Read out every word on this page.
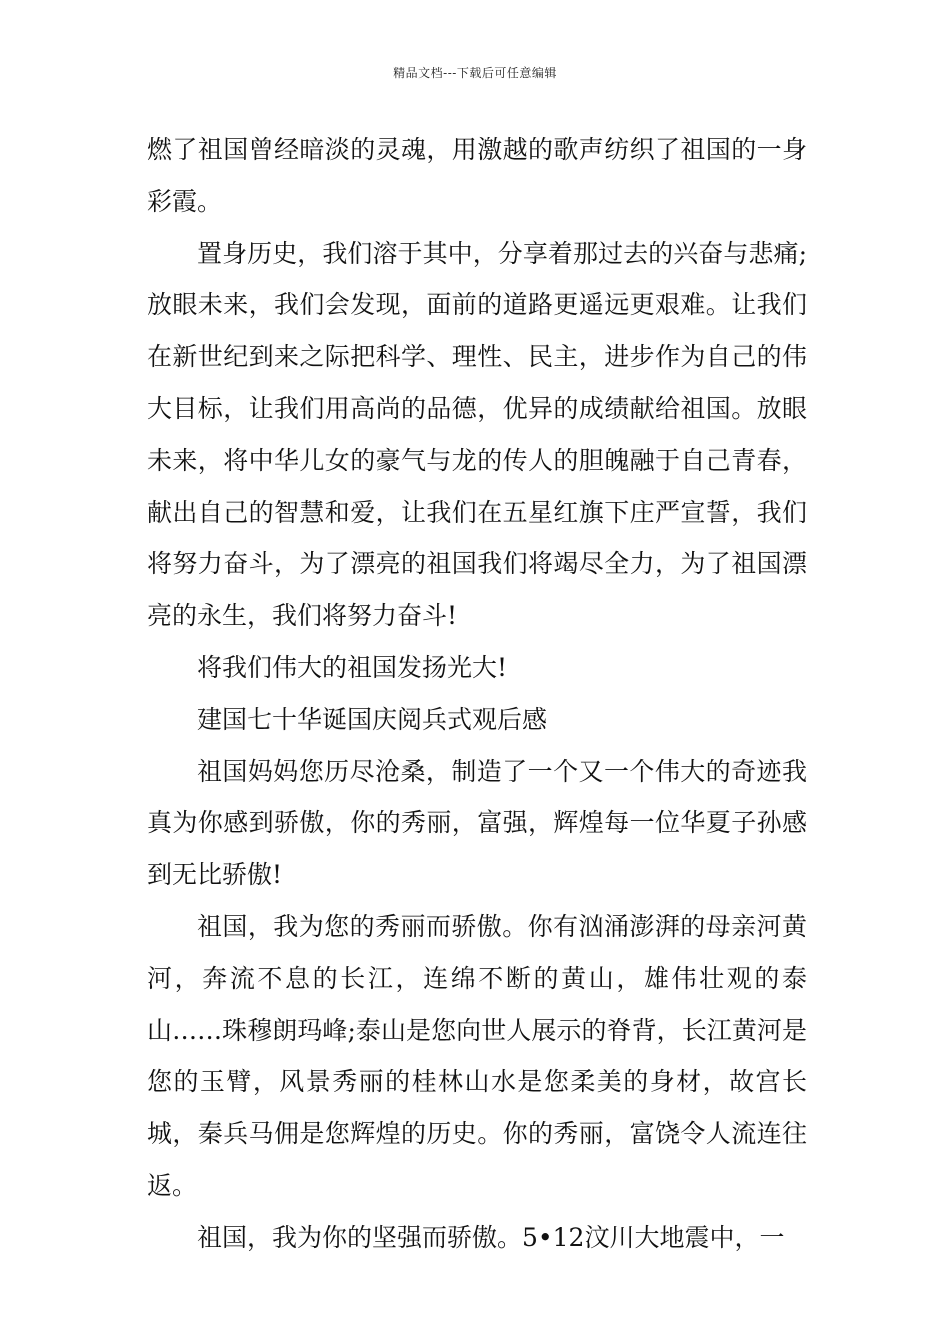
精品文档---下载后可任意编辑

燃了祖国曾经暗淡的灵魂，用激越的歌声纺织了祖国的一身彩霞。

置身历史，我们溶于其中，分享着那过去的兴奋与悲痛;放眼未来，我们会发现，面前的道路更遥远更艰难。让我们在新世纪到来之际把科学、理性、民主，进步作为自己的伟大目标，让我们用高尚的品德，优异的成绩献给祖国。放眼未来，将中华儿女的豪气与龙的传人的胆魄融于自己青春，献出自己的智慧和爱，让我们在五星红旗下庄严宣誓，我们将努力奋斗，为了漂亮的祖国我们将竭尽全力，为了祖国漂亮的永生，我们将努力奋斗!

将我们伟大的祖国发扬光大!

建国七十华诞国庆阅兵式观后感

祖国妈妈您历尽沧桑，制造了一个又一个伟大的奇迹我真为你感到骄傲，你的秀丽，富强，辉煌每一位华夏子孙感到无比骄傲!

祖国，我为您的秀丽而骄傲。你有汹涌澎湃的母亲河黄河，奔流不息的长江，连绵不断的黄山，雄伟壮观的泰山……珠穆朗玛峰;泰山是您向世人展示的脊背，长江黄河是您的玉臂，风景秀丽的桂林山水是您柔美的身材，故宫长城，秦兵马佣是您辉煌的历史。你的秀丽，富饶令人流连往返。

祖国，我为你的坚强而骄傲。5•12汶川大地震中，一
